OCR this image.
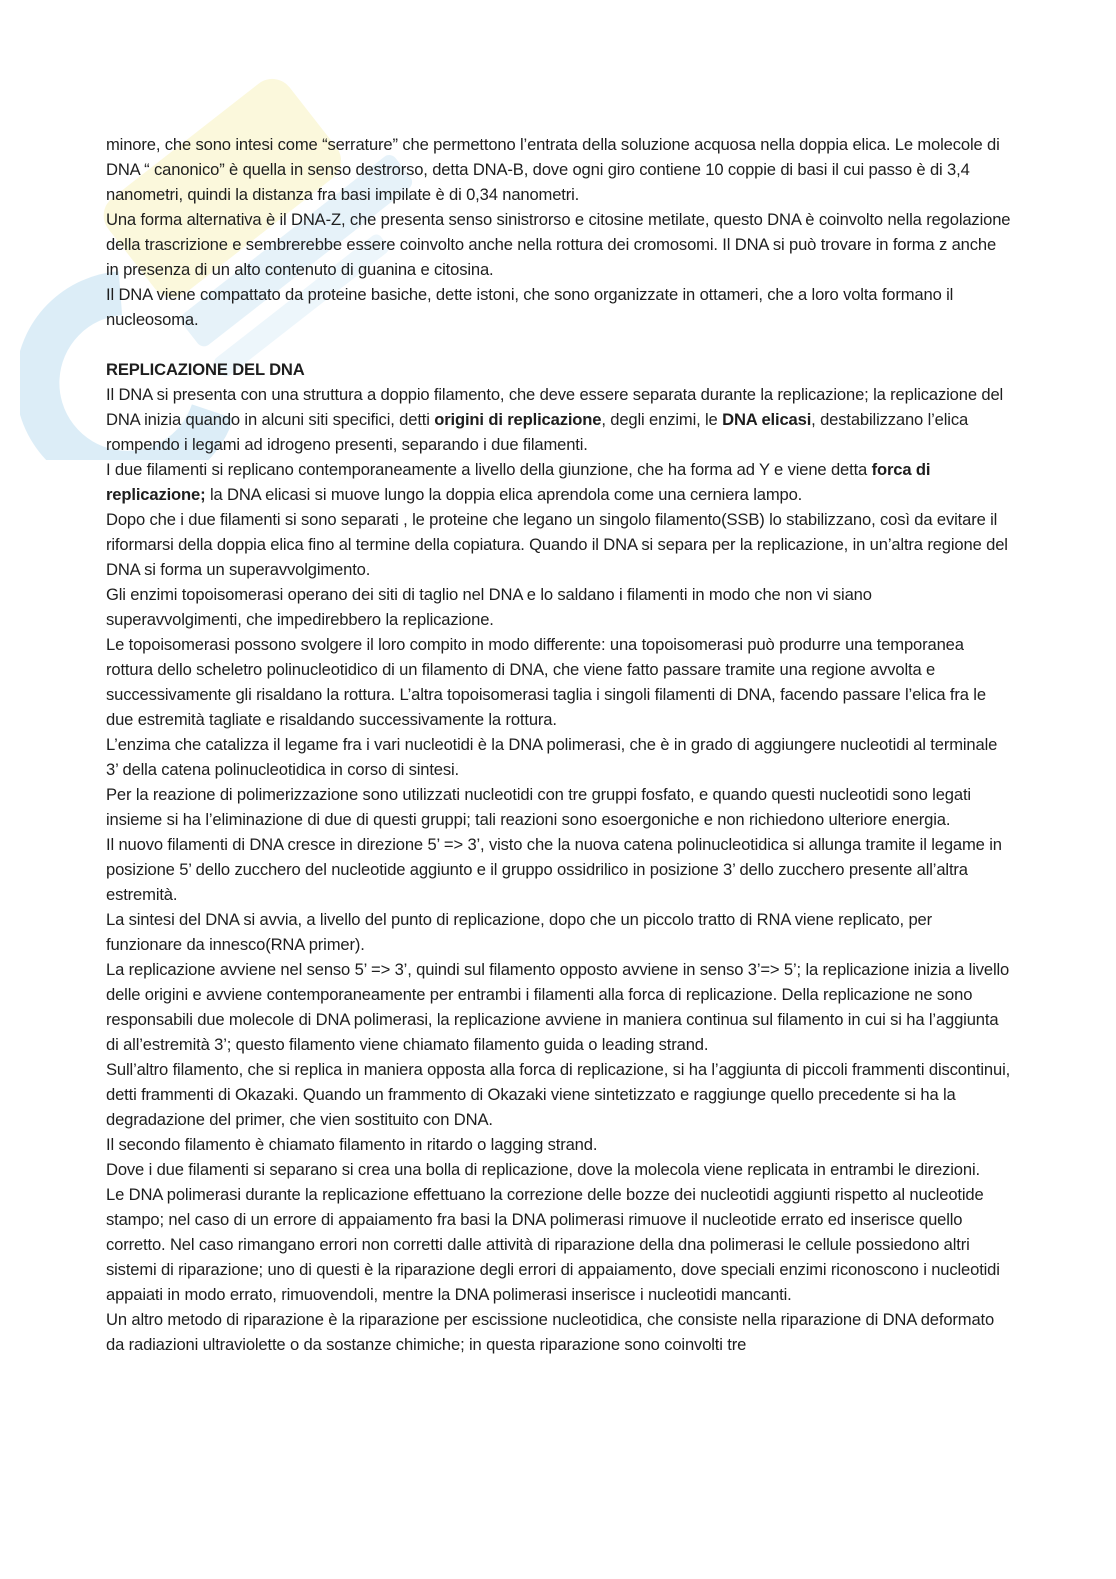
minore, che sono intesi come “serrature” che permettono l’entrata della soluzione acquosa nella doppia elica. Le molecole di DNA “ canonico” è quella in senso destrorso, detta DNA-B, dove ogni giro contiene 10 coppie di basi il cui passo è di 3,4 nanometri, quindi la distanza fra basi impilate è di 0,34 nanometri.

Una forma alternativa è il DNA-Z, che presenta senso sinistrorso e citosine metilate, questo DNA è coinvolto nella regolazione della trascrizione e sembrerebbe essere coinvolto anche nella rottura dei cromosomi. Il DNA si può trovare in forma z anche in presenza di un alto contenuto di guanina e citosina.

Il DNA viene compattato da proteine basiche, dette istoni, che sono organizzate in ottameri, che a loro volta formano il nucleosoma.

REPLICAZIONE DEL DNA

Il DNA si presenta con una struttura a doppio filamento, che deve essere separata durante la replicazione; la replicazione del DNA inizia quando in alcuni siti specifici, detti origini di replicazione, degli enzimi, le DNA elicasi, destabilizzano l’elica rompendo i legami ad idrogeno presenti, separando i due filamenti.

I due filamenti si replicano contemporaneamente a livello della giunzione, che ha forma ad Y e viene detta forca di replicazione; la DNA elicasi si muove lungo la doppia elica aprendola come una cerniera lampo.

Dopo che i due filamenti si sono separati , le proteine che legano un singolo filamento(SSB) lo stabilizzano, così da evitare il riformarsi della doppia elica fino al termine della copiatura. Quando il DNA si separa per la replicazione, in un’altra regione del DNA si forma un superavvolgimento.

Gli enzimi topoisomerasi operano dei siti di taglio nel DNA e lo saldano i filamenti in modo che non vi siano superavvolgimenti, che impedirebbero la replicazione.

Le topoisomerasi possono svolgere il loro compito in modo differente: una topoisomerasi può produrre una temporanea rottura dello scheletro polinucleotidico di un filamento di DNA, che viene fatto passare tramite una regione avvolta e successivamente gli risaldano la rottura. L’altra topoisomerasi taglia i singoli filamenti di DNA, facendo passare l’elica fra le due estremità tagliate e risaldando successivamente la rottura.

L’enzima che catalizza il legame fra i vari nucleotidi è la DNA polimerasi, che è in grado di aggiungere nucleotidi al terminale 3’ della catena polinucleotidica in corso di sintesi.

Per la reazione di polimerizzazione sono utilizzati nucleotidi con tre gruppi fosfato, e quando questi nucleotidi sono legati insieme si ha l’eliminazione di due di questi gruppi; tali reazioni sono esoergoniche e non richiedono ulteriore energia.

Il nuovo filamenti di DNA cresce in direzione 5’ => 3’, visto che la nuova catena polinucleotidica si allunga tramite il legame in posizione 5’ dello zucchero del nucleotide aggiunto e il gruppo ossidrilico in posizione 3’ dello zucchero presente all’altra estremità.

La sintesi del DNA si avvia, a livello del punto di replicazione, dopo che un piccolo tratto di RNA viene replicato, per funzionare da innesco(RNA primer).

La replicazione avviene nel senso 5’ => 3’, quindi sul filamento opposto avviene in senso 3’=> 5’; la replicazione inizia a livello delle origini e avviene contemporaneamente per entrambi i filamenti alla forca di replicazione. Della replicazione ne sono responsabili due molecole di DNA polimerasi, la replicazione avviene in maniera continua sul filamento in cui si ha l’aggiunta di all’estremità 3’; questo filamento viene chiamato filamento guida o leading strand.

Sull’altro filamento, che si replica in maniera opposta alla forca di replicazione, si ha l’aggiunta di piccoli frammenti discontinui, detti frammenti di Okazaki. Quando un frammento di Okazaki viene sintetizzato e raggiunge quello precedente si ha la degradazione del primer, che vien sostituito con DNA.

Il secondo filamento è chiamato filamento in ritardo o lagging strand.

Dove i due filamenti si separano si crea una bolla di replicazione, dove la molecola viene replicata in entrambi le direzioni.

Le DNA polimerasi durante la replicazione effettuano la correzione delle bozze dei nucleotidi aggiunti rispetto al nucleotide stampo; nel caso di un errore di appaiamento fra basi la DNA polimerasi rimuove il nucleotide errato ed inserisce quello corretto. Nel caso rimangano errori non corretti dalle attività di riparazione della dna polimerasi le cellule possiedono altri sistemi di riparazione; uno di questi è la riparazione degli errori di appaiamento, dove speciali enzimi riconoscono i nucleotidi appaiati in modo errato, rimuovendoli, mentre la DNA polimerasi inserisce i nucleotidi mancanti.

Un altro metodo di riparazione è la riparazione per escissione nucleotidica, che consiste nella riparazione di DNA deformato da radiazioni ultraviolette o da sostanze chimiche; in questa riparazione sono coinvolti tre
